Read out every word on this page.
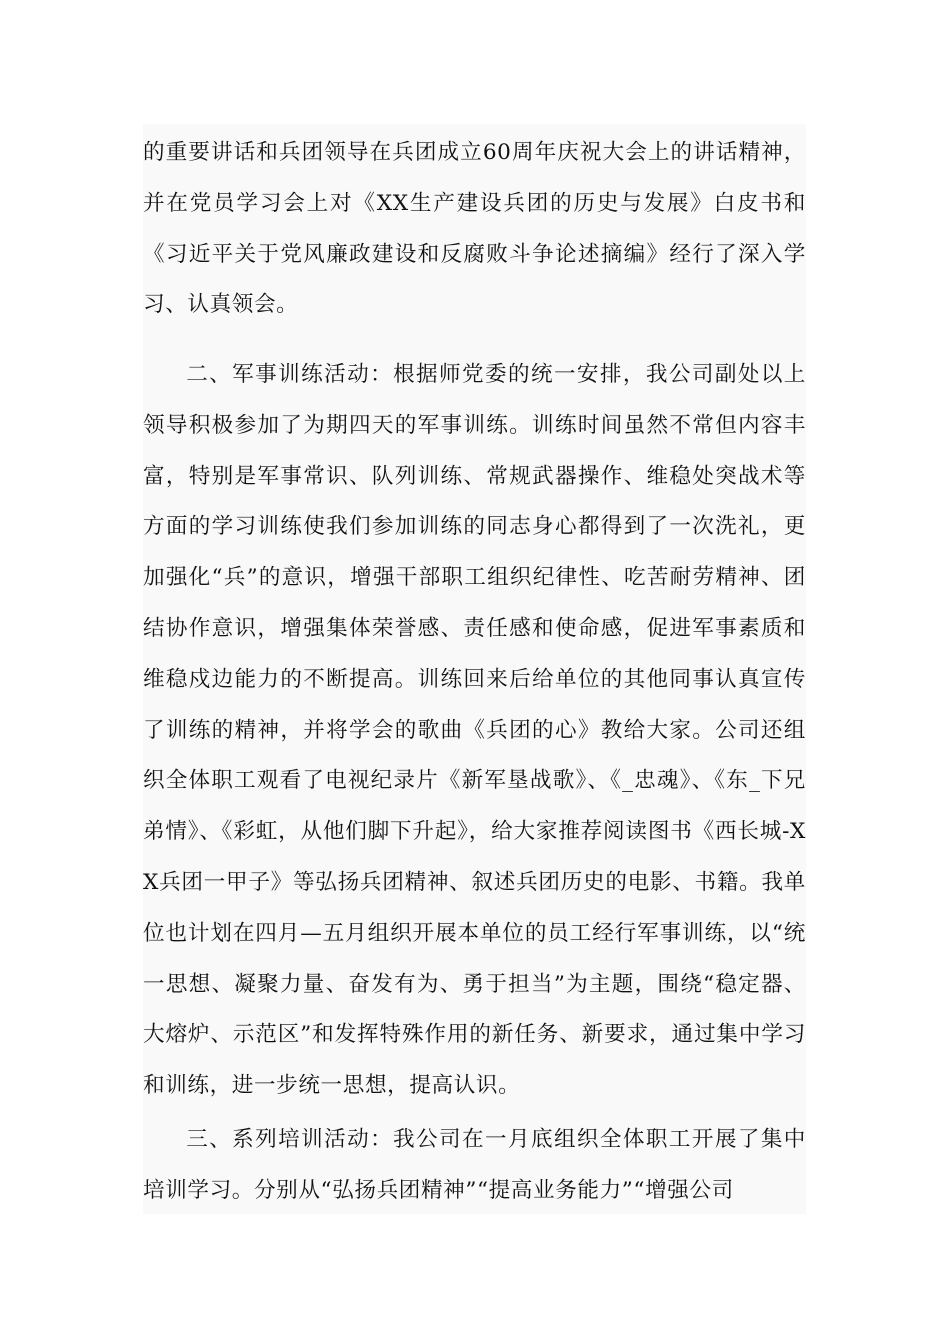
的重要讲话和兵团领导在兵团成立60周年庆祝大会上的讲话精神，并在党员学习会上对《XX生产建设兵团的历史与发展》白皮书和《习近平关于党风廉政建设和反腐败斗争论述摘编》经行了深入学习、认真领会。

二、军事训练活动：根据师党委的统一安排，我公司副处以上领导积极参加了为期四天的军事训练。训练时间虽然不常但内容丰富，特别是军事常识、队列训练、常规武器操作、维稳处突战术等方面的学习训练使我们参加训练的同志身心都得到了一次洗礼，更加强化“兵”的意识，增强干部职工组织纪律性、吃苦耐劳精神、团结协作意识，增强集体荣誉感、责任感和使命感，促进军事素质和维稳戍边能力的不断提高。训练回来后给单位的其他同事认真宣传了训练的精神，并将学会的歌曲《兵团的心》教给大家。公司还组织全体职工观看了电视纪录片《新军垦战歌》、《_忠魂》、《东_下兄弟情》、《彩虹，从他们脚下升起》，给大家推荐阅读图书《西长城-XX兵团一甲子》等弘扬兵团精神、叙述兵团历史的电影、书籍。我单位也计划在四月—五月组织开展本单位的员工经行军事训练，以“统一思想、凝聚力量、奋发有为、勇于担当”为主题，围绕“稳定器、大熔炉、示范区”和发挥特殊作用的新任务、新要求，通过集中学习和训练，进一步统一思想，提高认识。

三、系列培训活动：我公司在一月底组织全体职工开展了集中培训学习。分别从“弘扬兵团精神”“提高业务能力”“增强公司
